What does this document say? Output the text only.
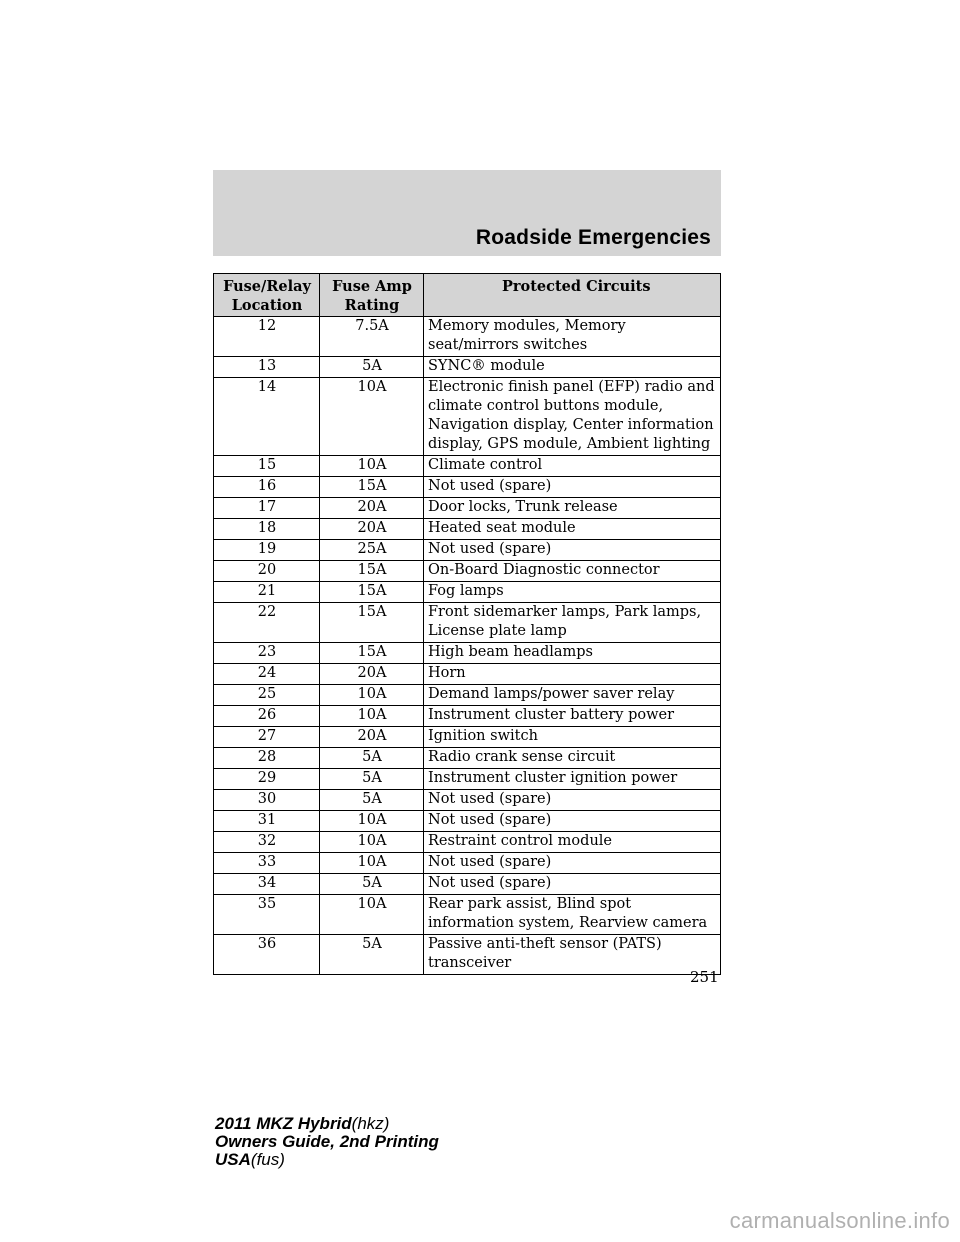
Roadside Emergencies
Fuse/Relay Location	Fuse Amp Rating	Protected Circuits
12	7.5A	Memory modules, Memory seat/mirrors switches
13	5A	SYNC® module
14	10A	Electronic finish panel (EFP) radio and climate control buttons module, Navigation display, Center information display, GPS module, Ambient lighting
15	10A	Climate control
16	15A	Not used (spare)
17	20A	Door locks, Trunk release
18	20A	Heated seat module
19	25A	Not used (spare)
20	15A	On-Board Diagnostic connector
21	15A	Fog lamps
22	15A	Front sidemarker lamps, Park lamps, License plate lamp
23	15A	High beam headlamps
24	20A	Horn
25	10A	Demand lamps/power saver relay
26	10A	Instrument cluster battery power
27	20A	Ignition switch
28	5A	Radio crank sense circuit
29	5A	Instrument cluster ignition power
30	5A	Not used (spare)
31	10A	Not used (spare)
32	10A	Restraint control module
33	10A	Not used (spare)
34	5A	Not used (spare)
35	10A	Rear park assist, Blind spot information system, Rearview camera
36	5A	Passive anti-theft sensor (PATS) transceiver
251
2011 MKZ Hybrid(hkz)
Owners Guide, 2nd Printing
USA(fus)
carmanualsonline.info
